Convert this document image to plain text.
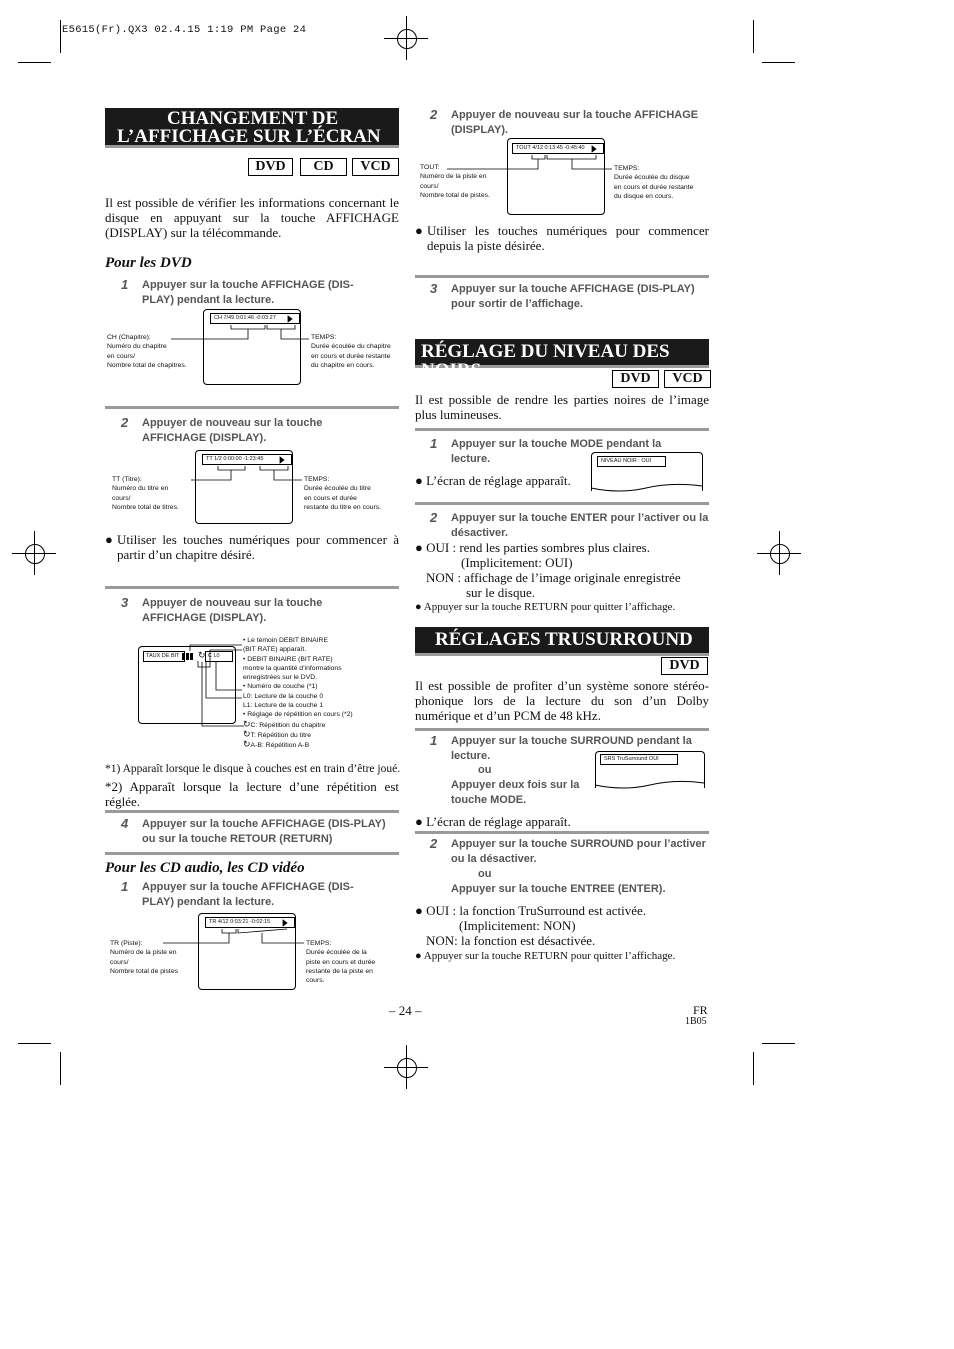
E5615(Fr).QX3 02.4.15 1:19 PM Page 24
CHANGEMENT DE
L’AFFICHAGE SUR L’ÉCRAN
DVD	CD	VCD
Il est possible de vérifier les informations concernant le disque en appuyant sur la touche AFFICHAGE (DISPLAY) sur la télécommande.
Pour les DVD
1 Appuyer sur la touche AFFICHAGE (DIS-PLAY) pendant la lecture.
CH 7/49 0:01:46 -0:03:27
CH (Chapitre):
Numéro du chapitre
en cours/
Nombre total de chapitres.
TEMPS:
Durée écoulée du chapitre
en cours et durée restante
du chapitre en cours.
2 Appuyer de nouveau sur la touche AFFICHAGE (DISPLAY).
TT 1/2 0:00:00 -1:23:45
TT (Titre):
Numéro du titre en
cours/
Nombre total de titres.
TEMPS:
Durée écoulée du titre
en cours et durée
restante du titre en cours.
● Utiliser les touches numériques pour commencer à partir d’un chapitre désiré.
3 Appuyer de nouveau sur la touche AFFICHAGE (DISPLAY).
TAUX DE BIT	↻ C L0
• Le témoin DEBIT BINAIRE
(BIT RATE) apparaît.
• DEBIT BINAIRE (BIT RATE)
montre la quantité d’informations
enregistrées sur le DVD.
• Numéro de couche (*1)
L0: Lecture de la couche 0
L1: Lecture de la couche 1
• Réglage de répétition en cours (*2)
↻C: Répétition du chapitre
↻T: Répétition du titre
↻A-B: Répétition A-B
*1) Apparaît lorsque le disque à couches est en train d’être joué.
*2) Apparaît lorsque la lecture d’une répétition est réglée.
4 Appuyer sur la touche AFFICHAGE (DIS-PLAY) ou sur la touche RETOUR (RETURN)
Pour les CD audio, les CD vidéo
1 Appuyer sur la touche AFFICHAGE (DIS-PLAY) pendant la lecture.
TR 4/12 0:03:21 -0:02:15
TR (Piste):
Numéro de la piste en
cours/
Nombre total de pistes
TEMPS:
Durée écoulée de la
piste en cours et durée
restante de la piste en
cours.
2 Appuyer de nouveau sur la touche AFFICHAGE (DISPLAY).
TOUT 4/12 0:13:45 -0:45:40
TOUT:
Numéro de la piste en
cours/
Nombre total de pistes.
TEMPS:
Durée écoulée du disque
en cours et durée restante
du disque en cours.
● Utiliser les touches numériques pour commencer depuis la piste désirée.
3 Appuyer sur la touche AFFICHAGE (DIS-PLAY) pour sortir de l’affichage.
RÉGLAGE DU NIVEAU DES NOIRS	DVD	VCD
Il est possible de rendre les parties noires de l’image plus lumineuses.
1 Appuyer sur la touche MODE pendant la lecture.	NIVEAU NOIR : OUI
● L’écran de réglage apparaît.
2 Appuyer sur la touche ENTER pour l’activer ou la désactiver.
● OUI : rend les parties sombres plus claires.
(Implicitement: OUI)
NON : affichage de l’image originale enregistrée
sur le disque.
● Appuyer sur la touche RETURN pour quitter l’affichage.
RÉGLAGES TRUSURROUND
DVD
Il est possible de profiter d’un système sonore stéréo-phonique lors de la lecture du son d’un Dolby numérique et d’un PCM de 48 kHz.
1 Appuyer sur la touche SURROUND pendant la lecture.
ou
Appuyer deux fois sur la touche MODE.
SRS TruSurround OUI
● L’écran de réglage apparaît.
2 Appuyer sur la touche SURROUND pour l’activer ou la désactiver.
ou
Appuyer sur la touche ENTREE (ENTER).
● OUI : la fonction TruSurround est activée.
(Implicitement: NON)
NON: la fonction est désactivée.
● Appuyer sur la touche RETURN pour quitter l’affichage.
– 24 –	FR
1B05
